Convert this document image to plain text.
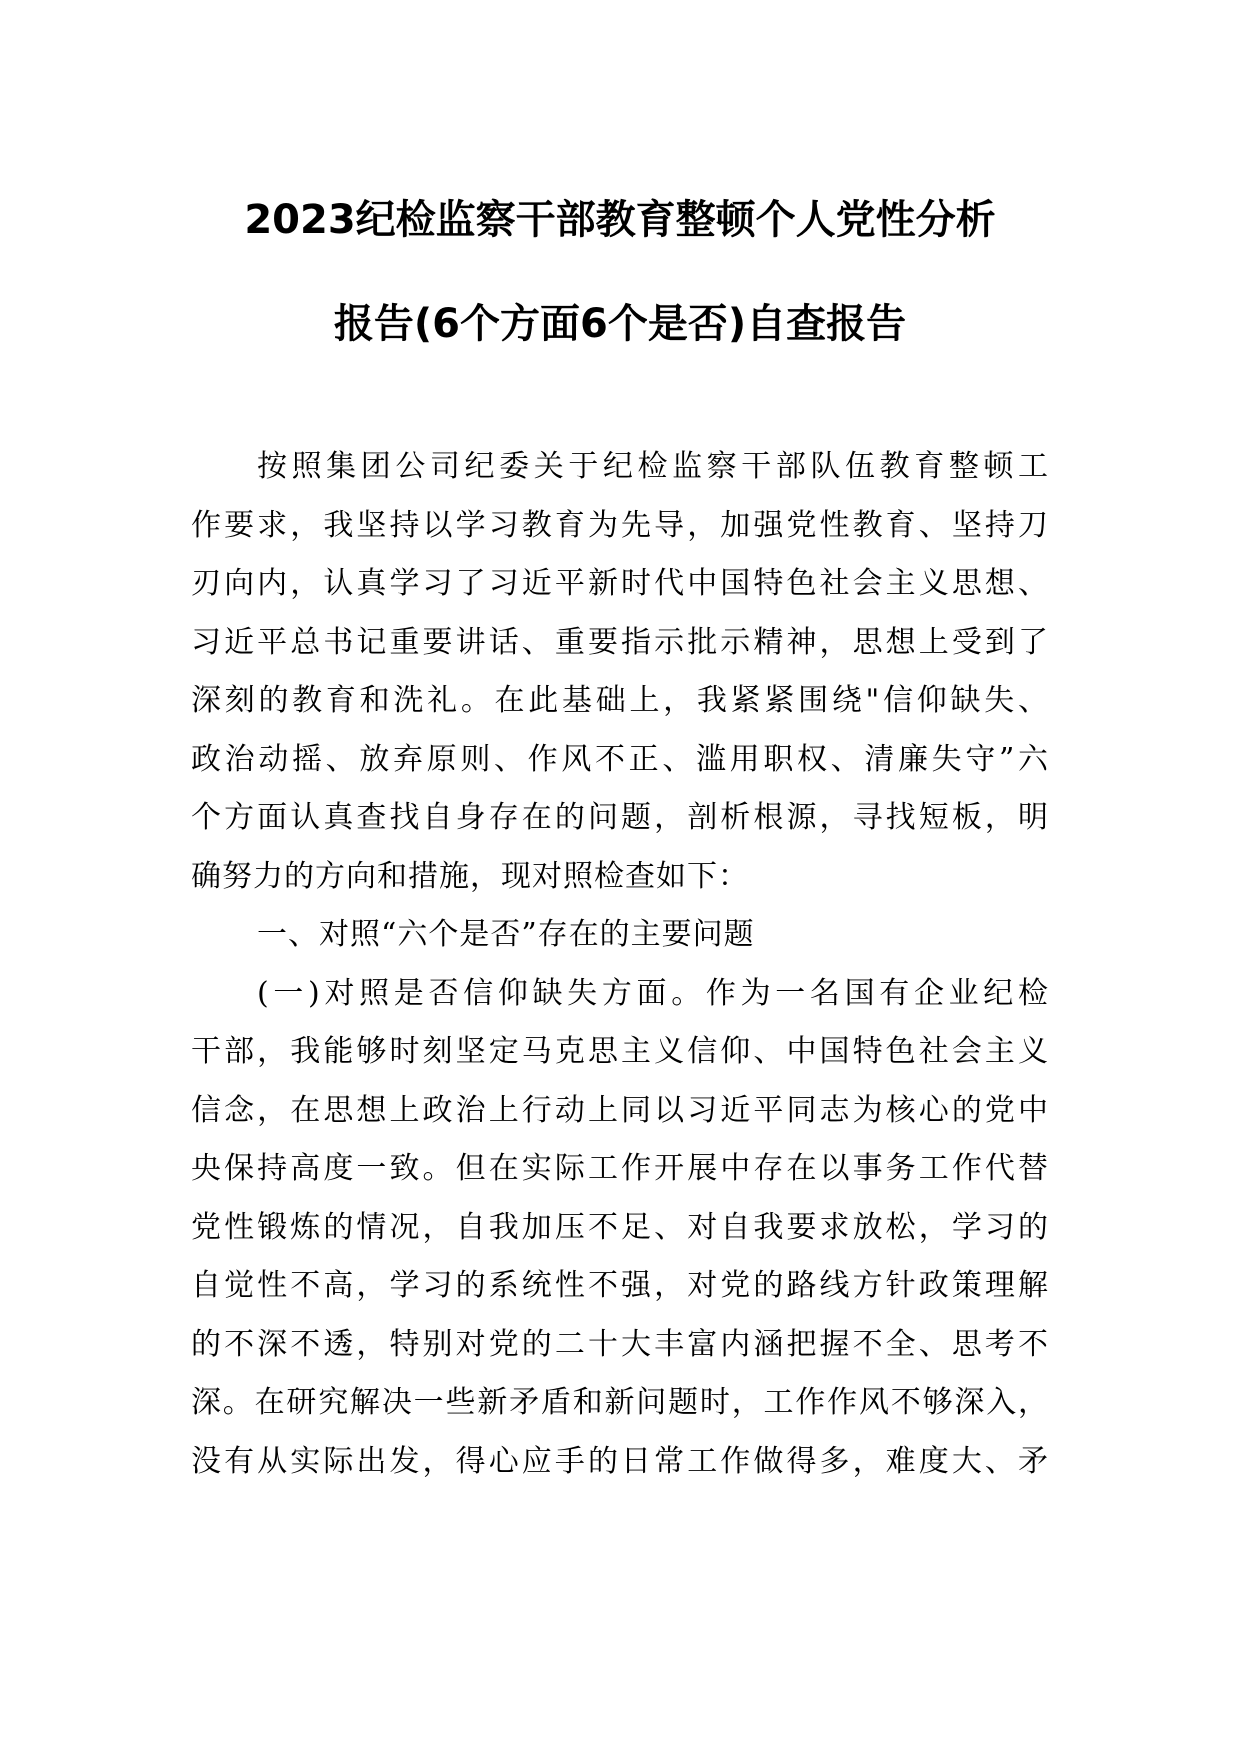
2023纪检监察干部教育整顿个人党性分析
报告(6个方面6个是否)自查报告
按照集团公司纪委关于纪检监察干部队伍教育整顿工
作要求，我坚持以学习教育为先导，加强党性教育、坚持刀
刃向内，认真学习了习近平新时代中国特色社会主义思想、
习近平总书记重要讲话、重要指示批示精神，思想上受到了
深刻的教育和洗礼。在此基础上，我紧紧围绕"信仰缺失、
政治动摇、放弃原则、作风不正、滥用职权、清廉失守”六
个方面认真查找自身存在的问题，剖析根源，寻找短板，明
确努力的方向和措施，现对照检查如下：
一、对照“六个是否”存在的主要问题
(一)对照是否信仰缺失方面。作为一名国有企业纪检
干部，我能够时刻坚定马克思主义信仰、中国特色社会主义
信念，在思想上政治上行动上同以习近平同志为核心的党中
央保持高度一致。但在实际工作开展中存在以事务工作代替
党性锻炼的情况，自我加压不足、对自我要求放松，学习的
自觉性不高，学习的系统性不强，对党的路线方针政策理解
的不深不透，特别对党的二十大丰富内涵把握不全、思考不
深。在研究解决一些新矛盾和新问题时，工作作风不够深入，
没有从实际出发，得心应手的日常工作做得多，难度大、矛
